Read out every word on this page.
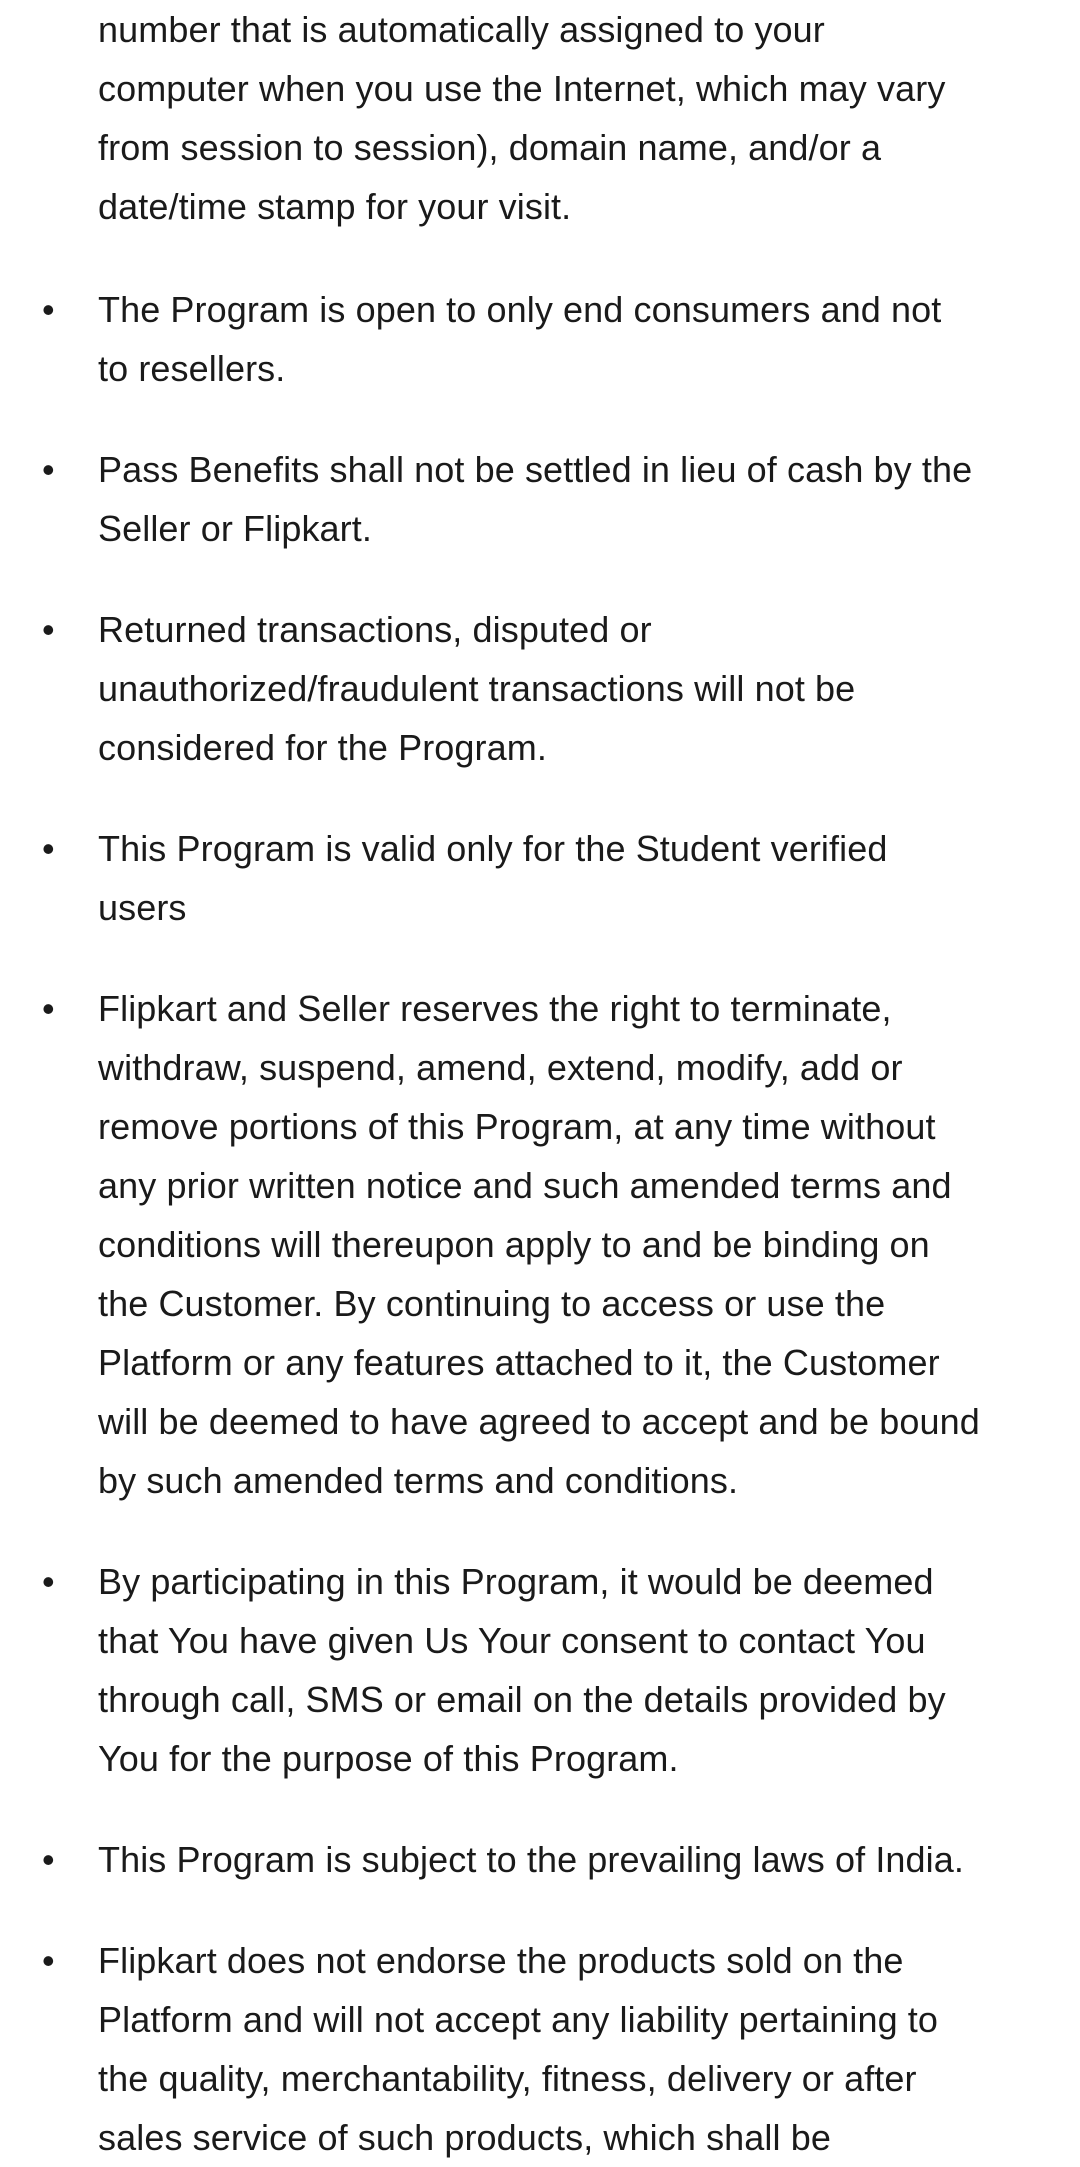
number that is automatically assigned to your computer when you use the Internet, which may vary from session to session), domain name, and/or a date/time stamp for your visit.

• The Program is open to only end consumers and not to resellers.
• Pass Benefits shall not be settled in lieu of cash by the Seller or Flipkart.
• Returned transactions, disputed or unauthorized/fraudulent transactions will not be considered for the Program.
• This Program is valid only for the Student verified users
• Flipkart and Seller reserves the right to terminate, withdraw, suspend, amend, extend, modify, add or remove portions of this Program, at any time without any prior written notice and such amended terms and conditions will thereupon apply to and be binding on the Customer. By continuing to access or use the Platform or any features attached to it, the Customer will be deemed to have agreed to accept and be bound by such amended terms and conditions.
• By participating in this Program, it would be deemed that You have given Us Your consent to contact You through call, SMS or email on the details provided by You for the purpose of this Program.
• This Program is subject to the prevailing laws of India.
• Flipkart does not endorse the products sold on the Platform and will not accept any liability pertaining to the quality, merchantability, fitness, delivery or after sales service of such products, which shall be
